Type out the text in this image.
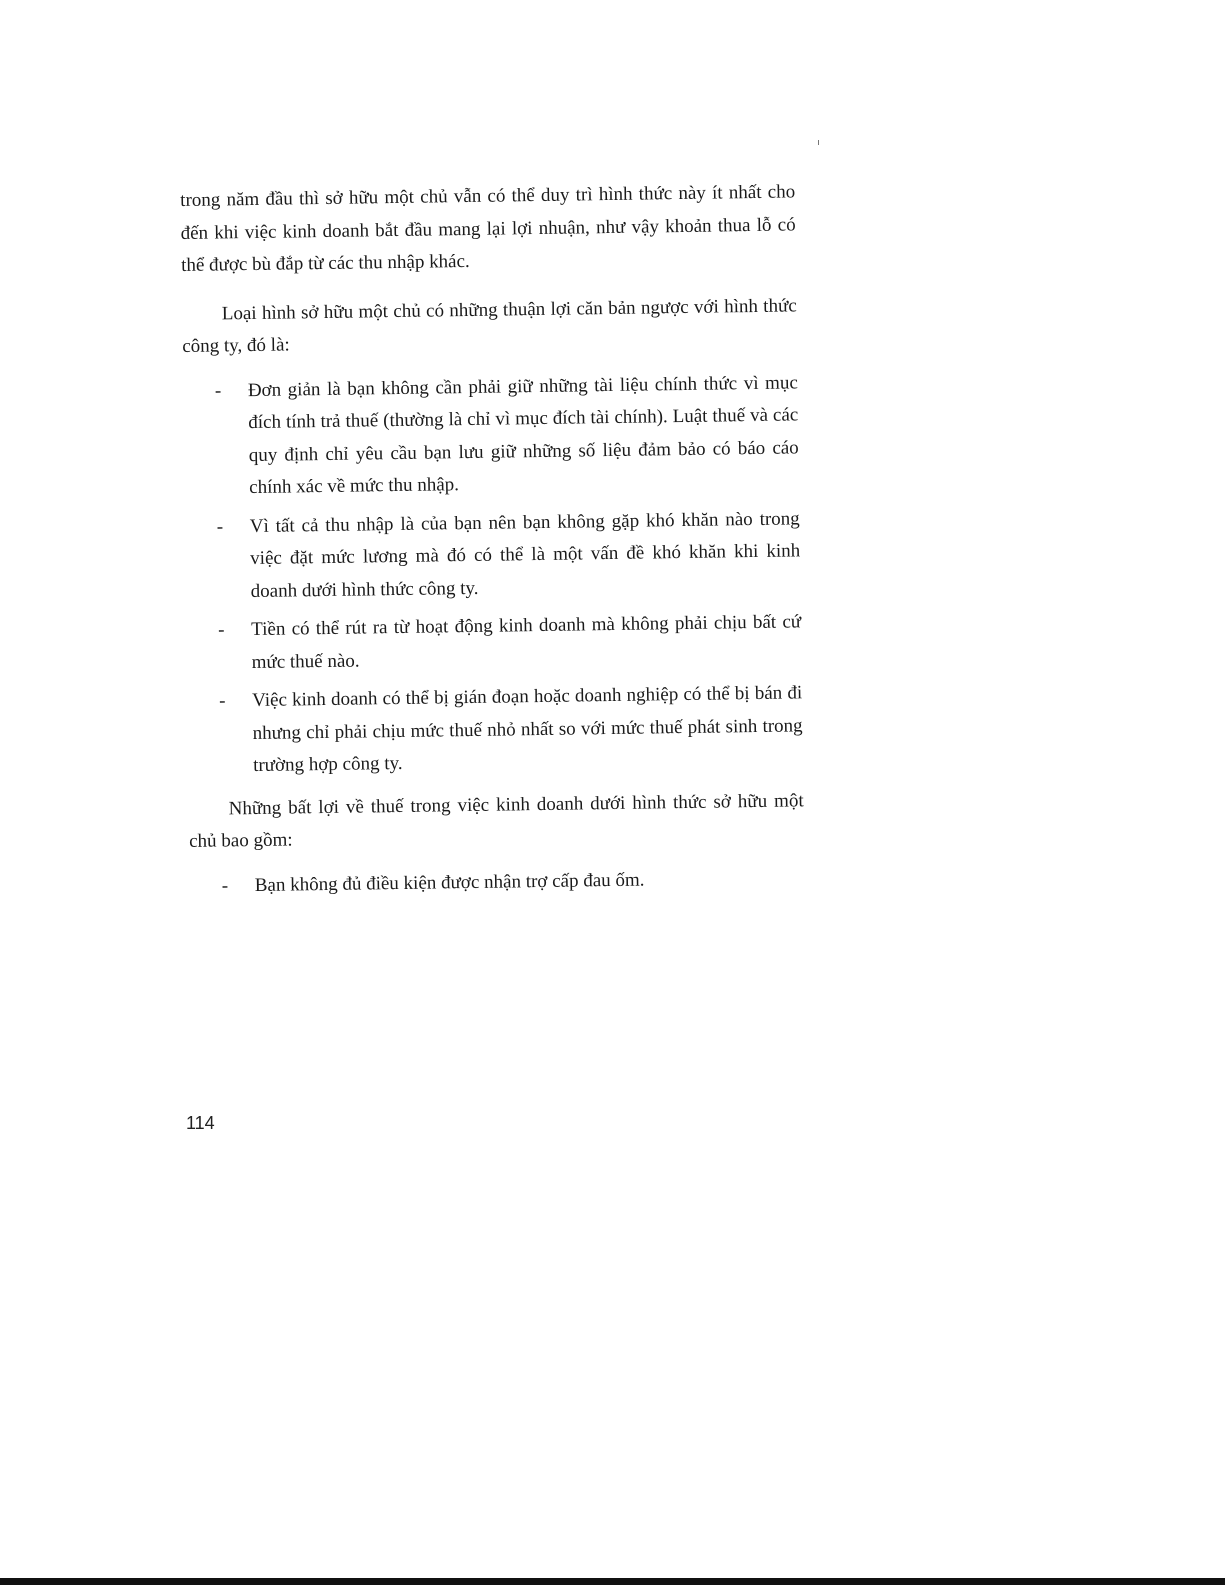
trong năm đầu thì sở hữu một chủ vẫn có thể duy trì hình thức này ít nhất cho đến khi việc kinh doanh bắt đầu mang lại lợi nhuận, như vậy khoản thua lỗ có thể được bù đắp từ các thu nhập khác.

Loại hình sở hữu một chủ có những thuận lợi căn bản ngược với hình thức công ty, đó là:

- Đơn giản là bạn không cần phải giữ những tài liệu chính thức vì mục đích tính trả thuế (thường là chỉ vì mục đích tài chính). Luật thuế và các quy định chỉ yêu cầu bạn lưu giữ những số liệu đảm bảo có báo cáo chính xác về mức thu nhập.
- Vì tất cả thu nhập là của bạn nên bạn không gặp khó khăn nào trong việc đặt mức lương mà đó có thể là một vấn đề khó khăn khi kinh doanh dưới hình thức công ty.
- Tiền có thể rút ra từ hoạt động kinh doanh mà không phải chịu bất cứ mức thuế nào.
- Việc kinh doanh có thể bị gián đoạn hoặc doanh nghiệp có thể bị bán đi nhưng chỉ phải chịu mức thuế nhỏ nhất so với mức thuế phát sinh trong trường hợp công ty.

Những bất lợi về thuế trong việc kinh doanh dưới hình thức sở hữu một chủ bao gồm:

- Bạn không đủ điều kiện được nhận trợ cấp đau ốm.
114
